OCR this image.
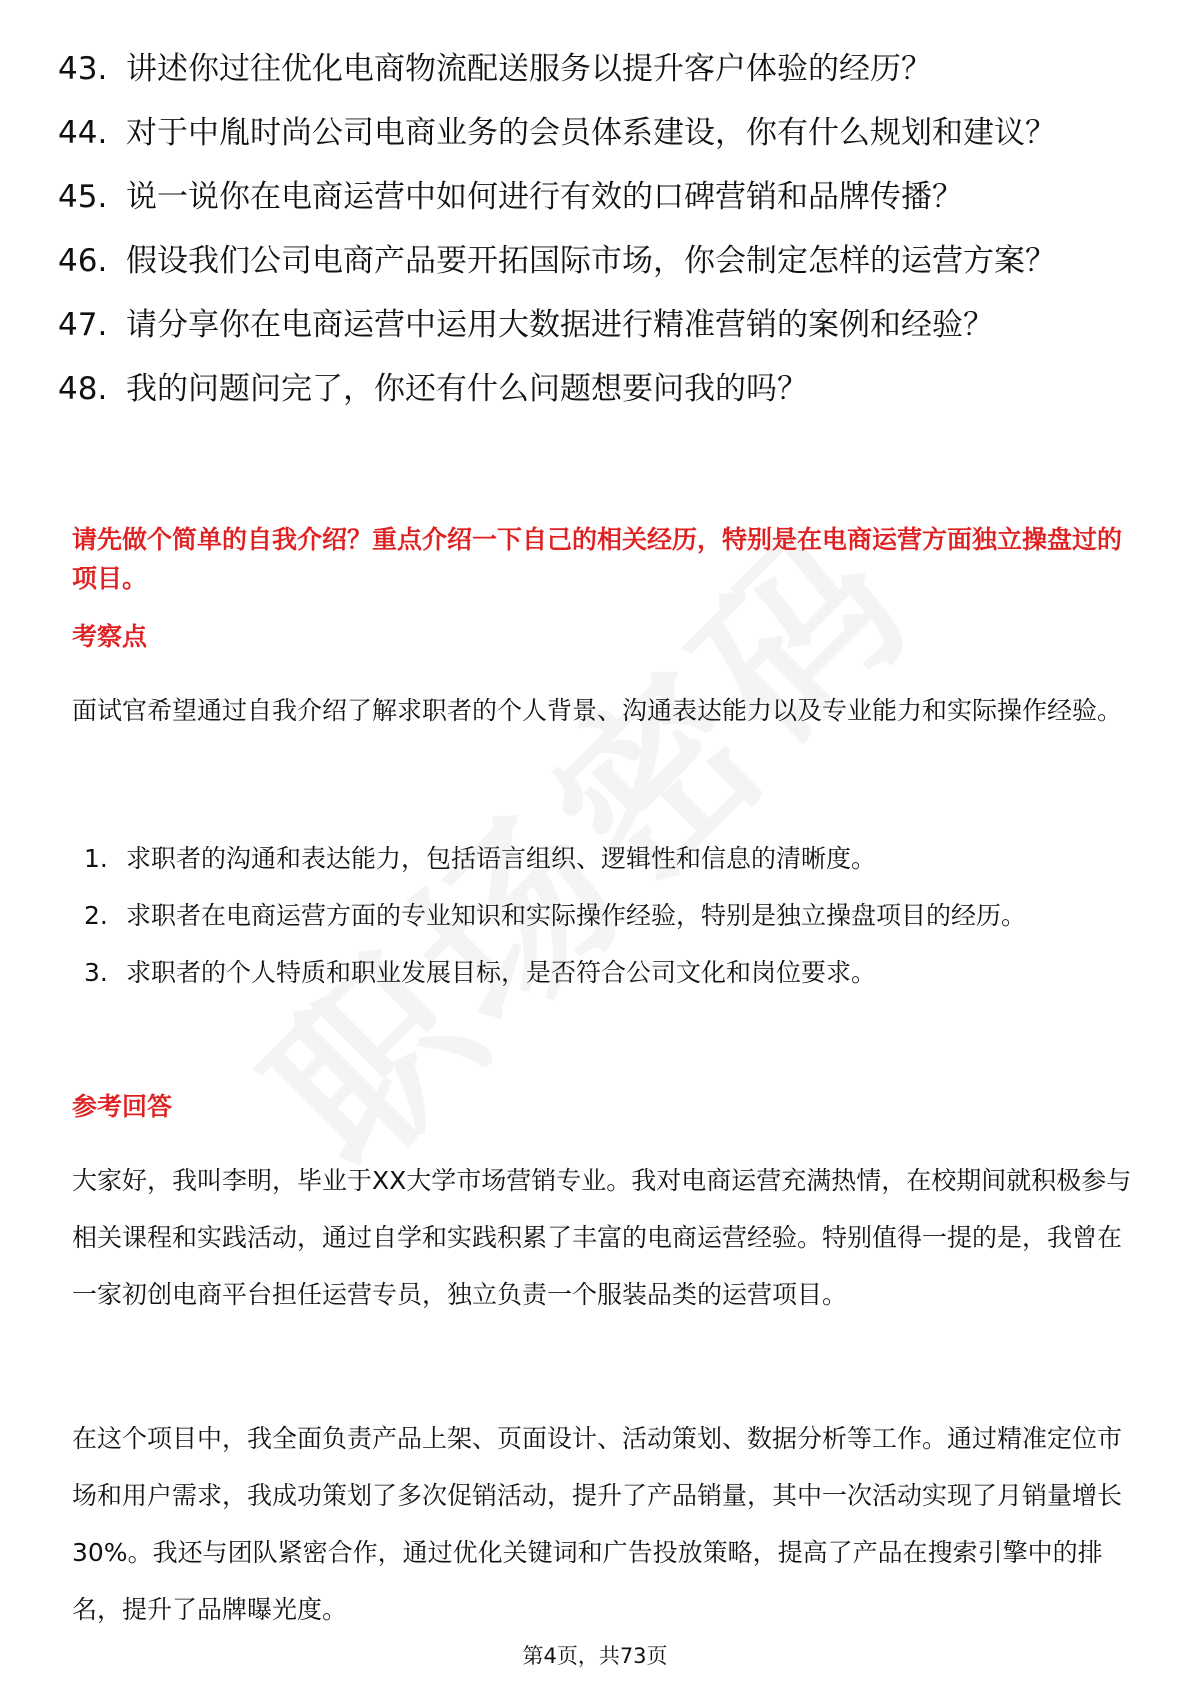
43. 讲述你过往优化电商物流配送服务以提升客户体验的经历？
44. 对于中胤时尚公司电商业务的会员体系建设，你有什么规划和建议？
45. 说一说你在电商运营中如何进行有效的口碑营销和品牌传播？
46. 假设我们公司电商产品要开拓国际市场，你会制定怎样的运营方案？
47. 请分享你在电商运营中运用大数据进行精准营销的案例和经验？
48. 我的问题问完了，你还有什么问题想要问我的吗？
请先做个简单的自我介绍？重点介绍一下自己的相关经历，特别是在电商运营方面独立操盘过的项目。
考察点
面试官希望通过自我介绍了解求职者的个人背景、沟通表达能力以及专业能力和实际操作经验。
1. 求职者的沟通和表达能力，包括语言组织、逻辑性和信息的清晰度。
2. 求职者在电商运营方面的专业知识和实际操作经验，特别是独立操盘项目的经历。
3. 求职者的个人特质和职业发展目标，是否符合公司文化和岗位要求。
参考回答
大家好，我叫李明，毕业于XX大学市场营销专业。我对电商运营充满热情，在校期间就积极参与相关课程和实践活动，通过自学和实践积累了丰富的电商运营经验。特别值得一提的是，我曾在一家初创电商平台担任运营专员，独立负责一个服装品类的运营项目。
在这个项目中，我全面负责产品上架、页面设计、活动策划、数据分析等工作。通过精准定位市场和用户需求，我成功策划了多次促销活动，提升了产品销量，其中一次活动实现了月销量增长30%。我还与团队紧密合作，通过优化关键词和广告投放策略，提高了产品在搜索引擎中的排名，提升了品牌曝光度。
第4页，共73页
